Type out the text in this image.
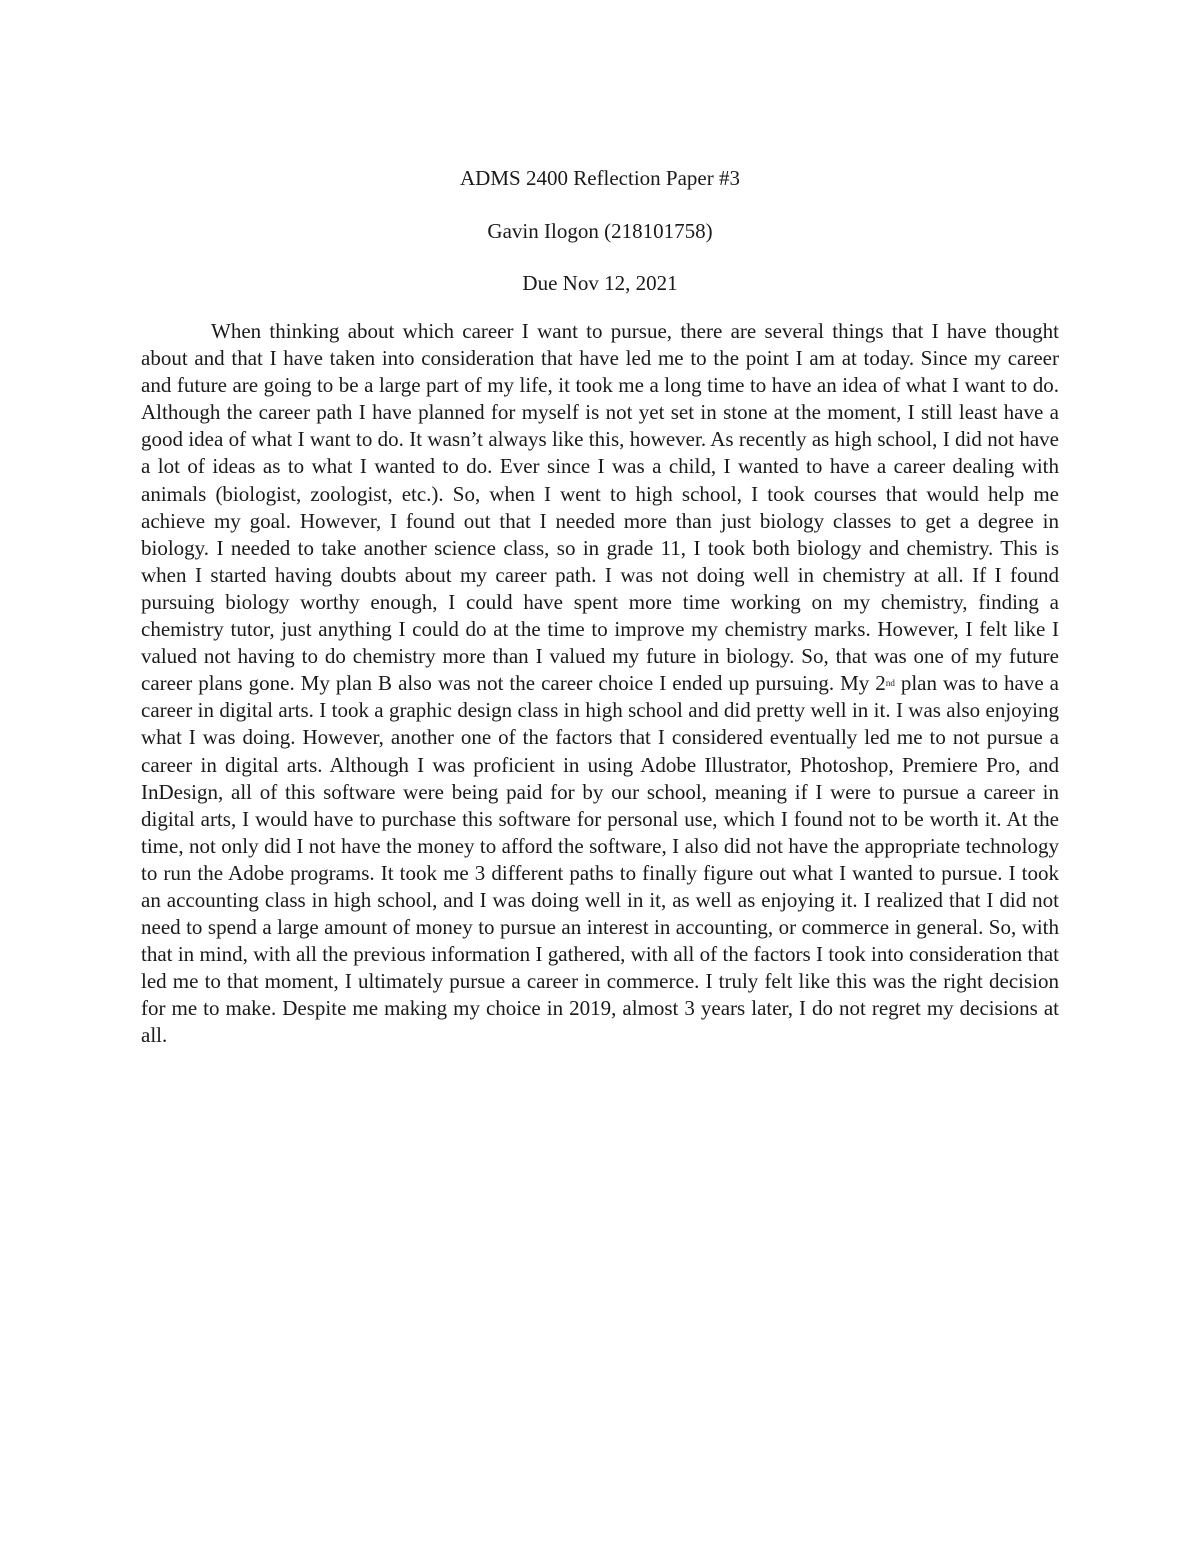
ADMS 2400 Reflection Paper #3

Gavin Ilogon (218101758)

Due Nov 12, 2021

When thinking about which career I want to pursue, there are several things that I have thought about and that I have taken into consideration that have led me to the point I am at today. Since my career and future are going to be a large part of my life, it took me a long time to have an idea of what I want to do. Although the career path I have planned for myself is not yet set in stone at the moment, I still least have a good idea of what I want to do. It wasn’t always like this, however. As recently as high school, I did not have a lot of ideas as to what I wanted to do. Ever since I was a child, I wanted to have a career dealing with animals (biologist, zoologist, etc.). So, when I went to high school, I took courses that would help me achieve my goal. However, I found out that I needed more than just biology classes to get a degree in biology. I needed to take another science class, so in grade 11, I took both biology and chemistry. This is when I started having doubts about my career path. I was not doing well in chemistry at all. If I found pursuing biology worthy enough, I could have spent more time working on my chemistry, finding a chemistry tutor, just anything I could do at the time to improve my chemistry marks. However, I felt like I valued not having to do chemistry more than I valued my future in biology. So, that was one of my future career plans gone. My plan B also was not the career choice I ended up pursuing. My 2nd plan was to have a career in digital arts. I took a graphic design class in high school and did pretty well in it. I was also enjoying what I was doing. However, another one of the factors that I considered eventually led me to not pursue a career in digital arts. Although I was proficient in using Adobe Illustrator, Photoshop, Premiere Pro, and InDesign, all of this software were being paid for by our school, meaning if I were to pursue a career in digital arts, I would have to purchase this software for personal use, which I found not to be worth it. At the time, not only did I not have the money to afford the software, I also did not have the appropriate technology to run the Adobe programs. It took me 3 different paths to finally figure out what I wanted to pursue. I took an accounting class in high school, and I was doing well in it, as well as enjoying it. I realized that I did not need to spend a large amount of money to pursue an interest in accounting, or commerce in general. So, with that in mind, with all the previous information I gathered, with all of the factors I took into consideration that led me to that moment, I ultimately pursue a career in commerce. I truly felt like this was the right decision for me to make. Despite me making my choice in 2019, almost 3 years later, I do not regret my decisions at all.
